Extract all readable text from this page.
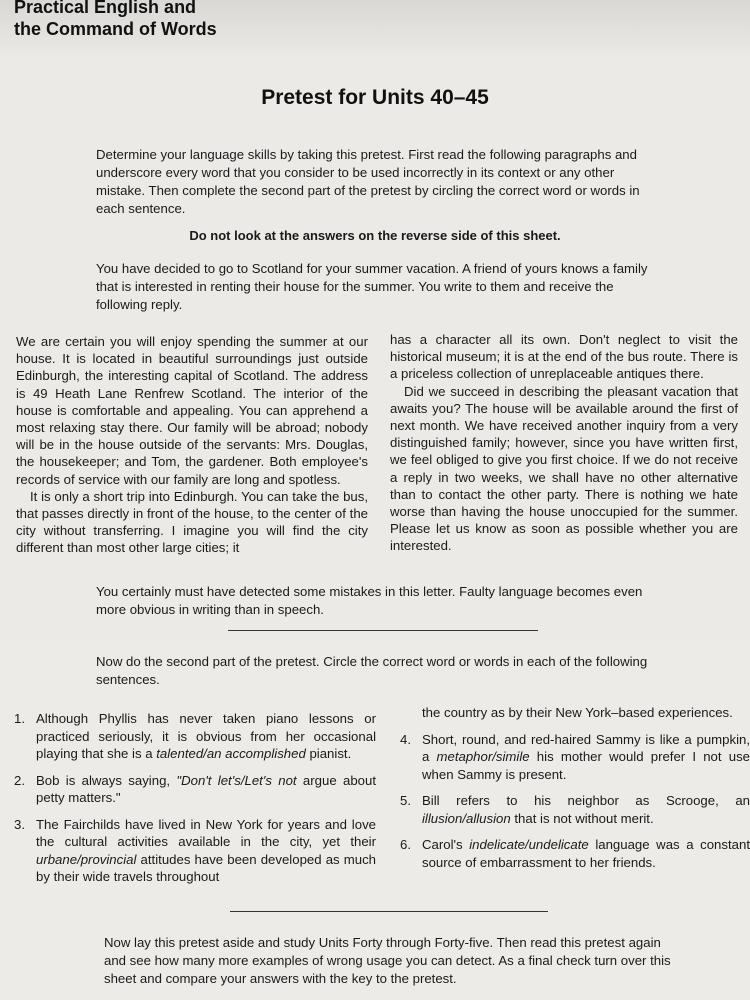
Practical English and
the Command of Words
Pretest for Units 40–45
Determine your language skills by taking this pretest. First read the following paragraphs and underscore every word that you consider to be used incorrectly in its context or any other mistake. Then complete the second part of the pretest by circling the correct word or words in each sentence.
Do not look at the answers on the reverse side of this sheet.
You have decided to go to Scotland for your summer vacation. A friend of yours knows a family that is interested in renting their house for the summer. You write to them and receive the following reply.

We are certain you will enjoy spending the summer at our house. It is located in beautiful surroundings just outside Edinburgh, the interesting capital of Scotland. The address is 49 Heath Lane Renfrew Scotland. The interior of the house is comfortable and appealing. You can apprehend a most relaxing stay there. Our family will be abroad; nobody will be in the house outside of the servants: Mrs. Douglas, the housekeeper; and Tom, the gardener. Both employee's records of service with our family are long and spotless.

It is only a short trip into Edinburgh. You can take the bus, that passes directly in front of the house, to the center of the city without transferring. I imagine you will find the city different than most other large cities; it

has a character all its own. Don't neglect to visit the historical museum; it is at the end of the bus route. There is a priceless collection of unreplaceable antiques there.

Did we succeed in describing the pleasant vacation that awaits you? The house will be available around the first of next month. We have received another inquiry from a very distinguished family; however, since you have written first, we feel obliged to give you first choice. If we do not receive a reply in two weeks, we shall have no other alternative than to contact the other party. There is nothing we hate worse than having the house unoccupied for the summer. Please let us know as soon as possible whether you are interested.

You certainly must have detected some mistakes in this letter. Faulty language becomes even more obvious in writing than in speech.
Now do the second part of the pretest. Circle the correct word or words in each of the following sentences.
1. Although Phyllis has never taken piano lessons or practiced seriously, it is obvious from her occasional playing that she is a talented/an accomplished pianist.
2. Bob is always saying, "Don't let's/Let's not argue about petty matters."
3. The Fairchilds have lived in New York for years and love the cultural activities available in the city, yet their urbane/provincial attitudes have been developed as much by their wide travels throughout
the country as by their New York–based experiences.
4. Short, round, and red-haired Sammy is like a pumpkin, a metaphor/simile his mother would prefer I not use when Sammy is present.
5. Bill refers to his neighbor as Scrooge, an illusion/allusion that is not without merit.
6. Carol's indelicate/undelicate language was a constant source of embarrassment to her friends.
Now lay this pretest aside and study Units Forty through Forty-five. Then read this pretest again and see how many more examples of wrong usage you can detect. As a final check turn over this sheet and compare your answers with the key to the pretest.
